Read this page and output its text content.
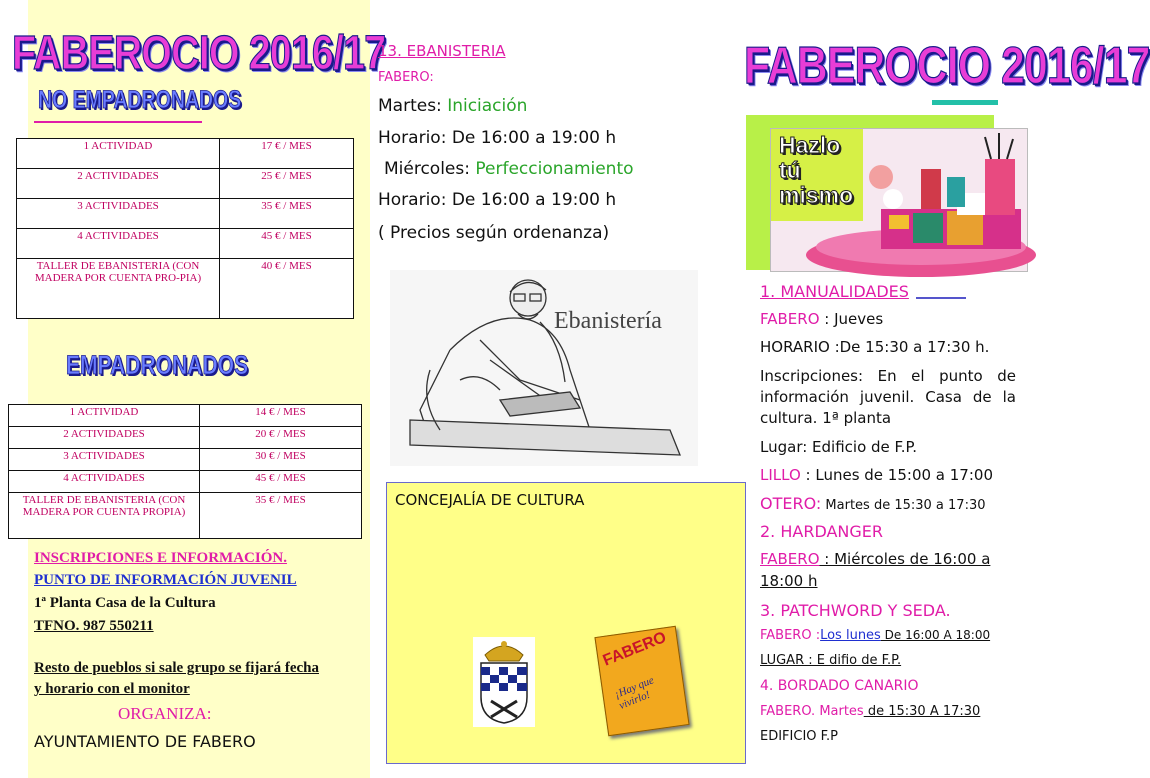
FABEROCIO 2016/17
NO EMPADRONADOS
1 ACTIVIDAD	17 € / MES
2 ACTIVIDADES	25 € / MES
3 ACTIVIDADES	35 € / MES
4 ACTIVIDADES	45 € / MES
TALLER DE EBANISTERIA (CON MADERA POR CUENTA PRO-PIA)	40 € / MES
EMPADRONADOS
1 ACTIVIDAD	14 € / MES
2 ACTIVIDADES	20 € / MES
3 ACTIVIDADES	30 € / MES
4 ACTIVIDADES	45 € / MES
TALLER DE EBANISTERIA (CON MADERA POR CUENTA PROPIA)	35 € / MES
INSCRIPCIONES E INFORMACIÓN.
PUNTO DE INFORMACIÓN JUVENIL
1ª Planta Casa de la Cultura
TFNO. 987 550211
Resto de pueblos si sale grupo se fijará fecha
y horario con el monitor
ORGANIZA:
AYUNTAMIENTO DE FABERO
13. EBANISTERIA
FABERO:
Martes: Iniciación
Horario: De 16:00 a 19:00 h
Miércoles: Perfeccionamiento
Horario: De 16:00 a 19:00 h
( Precios según ordenanza)
Ebanistería
CONCEJALÍA DE CULTURA
FABERO
¡Hay que vivirlo!
FABEROCIO 2016/17
Hazlo
tú
mismo
1. MANUALIDADES
FABERO : Jueves
HORARIO :De 15:30 a 17:30 h.
Inscripciones: En el punto de información juvenil. Casa de la cultura. 1ª planta
Lugar: Edificio de F.P.
LILLO : Lunes de 15:00 a 17:00
OTERO: Martes de 15:30 a 17:30
2. HARDANGER
FABERO : Miércoles de 16:00 a
18:00 h
3. PATCHWORD Y SEDA.
FABERO :Los lunes De 16:00 A 18:00
LUGAR : E difio de F.P.
4. BORDADO CANARIO
FABERO. Martes de 15:30 A 17:30
EDIFICIO F.P
